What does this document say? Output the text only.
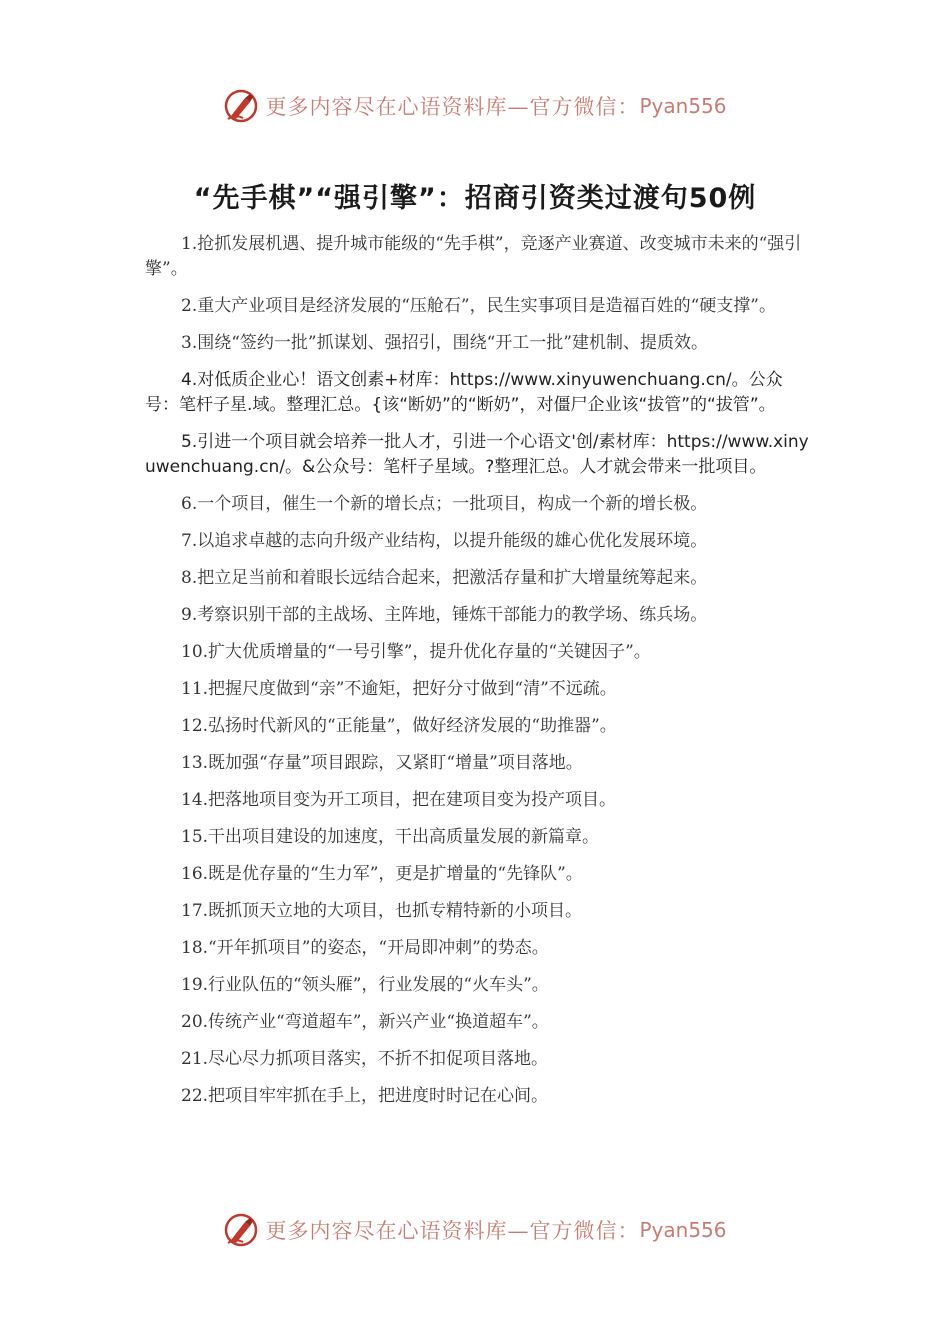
更多内容尽在心语资料库—官方微信： Pyan556
“先手棋”“强引擎”：招商引资类过渡句50例

1.抢抓发展机遇、提升城市能级的“先手棋”，竞逐产业赛道、改变城市未来的“强引擎”。

2.重大产业项目是经济发展的“压舱石”，民生实事项目是造福百姓的“硬支撑”。

3.围绕“签约一批”抓谋划、强招引，围绕“开工一批”建机制、提质效。

4.对低质企业心！语文创素+材库：https://www.xinyuwenchuang.cn/。公众号：笔杆子星.域。整理汇总。{该“断奶”的“断奶”，对僵尸企业该“拔管”的“拔管”。

5.引进一个项目就会培养一批人才，引进一个心语文'创/素材库：https://www.xinyuwenchuang.cn/。&公众号：笔杆子星域。?整理汇总。人才就会带来一批项目。

6.一个项目，催生一个新的增长点；一批项目，构成一个新的增长极。

7.以追求卓越的志向升级产业结构，以提升能级的雄心优化发展环境。

8.把立足当前和着眼长远结合起来，把激活存量和扩大增量统筹起来。

9.考察识别干部的主战场、主阵地，锤炼干部能力的教学场、练兵场。

10.扩大优质增量的“一号引擎”，提升优化存量的“关键因子”。

11.把握尺度做到“亲”不逾矩，把好分寸做到“清”不远疏。

12.弘扬时代新风的“正能量”，做好经济发展的“助推器”。

13.既加强“存量”项目跟踪，又紧盯“增量”项目落地。

14.把落地项目变为开工项目，把在建项目变为投产项目。

15.干出项目建设的加速度，干出高质量发展的新篇章。

16.既是优存量的“生力军”，更是扩增量的“先锋队”。

17.既抓顶天立地的大项目，也抓专精特新的小项目。

18.“开年抓项目”的姿态，“开局即冲刺”的势态。

19.行业队伍的“领头雁”，行业发展的“火车头”。

20.传统产业“弯道超车”，新兴产业“换道超车”。

21.尽心尽力抓项目落实，不折不扣促项目落地。

22.把项目牢牢抓在手上，把进度时时记在心间。

更多内容尽在心语资料库—官方微信： Pyan556
